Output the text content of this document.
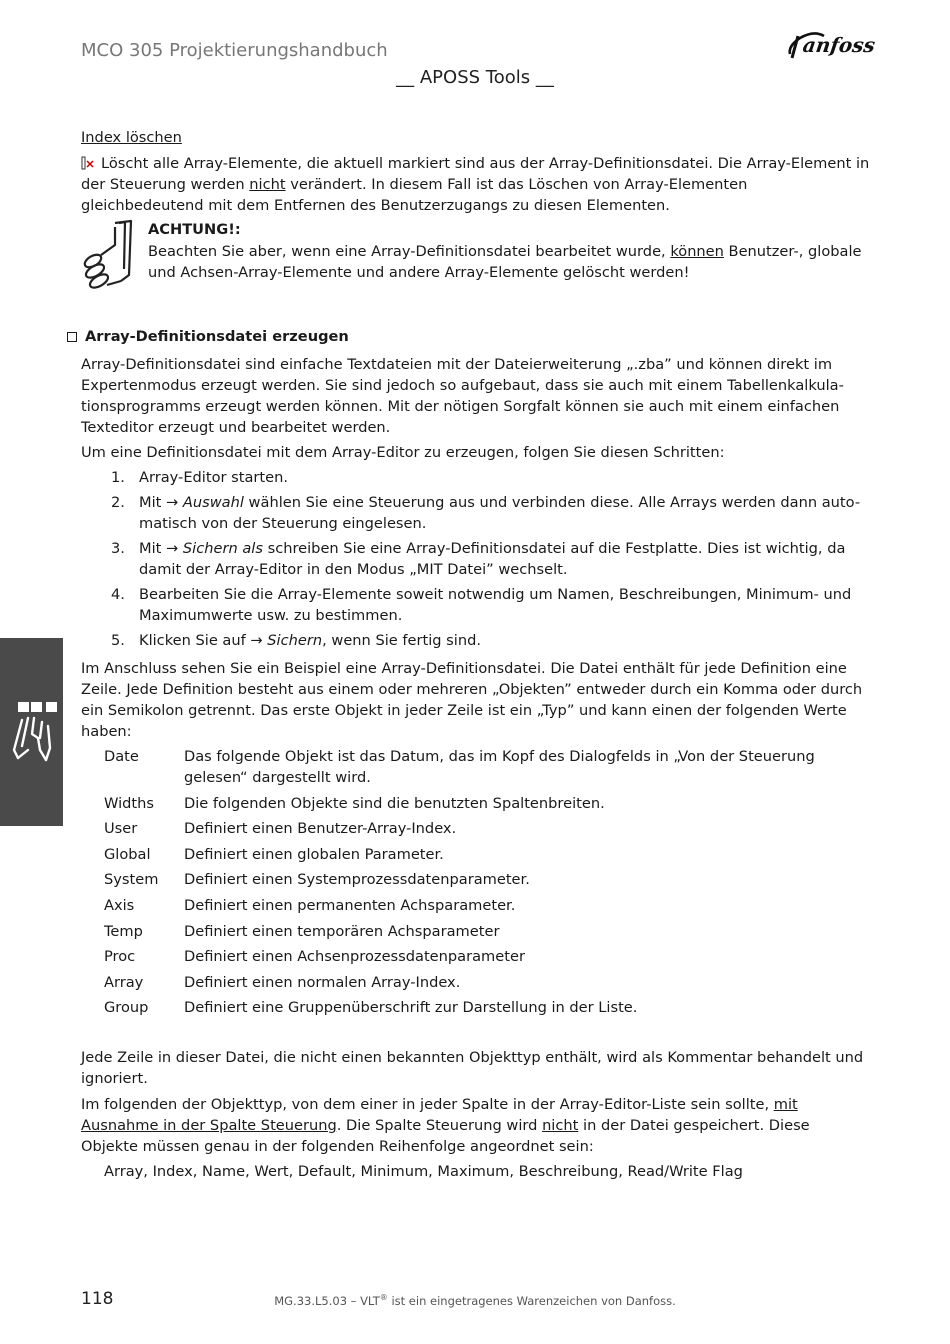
MCO 305 Projektierungshandbuch
__ APOSS Tools __
anfoss
Index löschen
Löscht alle Array-Elemente, die aktuell markiert sind aus der Array-Definitionsdatei. Die Array-Element in der Steuerung werden nicht verändert. In diesem Fall ist das Löschen von Array-Elementen gleichbedeutend mit dem Entfernen des Benutzerzugangs zu diesen Elementen.
ACHTUNG!:
Beachten Sie aber, wenn eine Array-Definitionsdatei bearbeitet wurde, können Benutzer-, globale und Achsen-Array-Elemente und andere Array-Elemente gelöscht werden!
Array-Definitionsdatei erzeugen
Array-Definitionsdatei sind einfache Textdateien mit der Dateierweiterung „.zba” und können direkt im Expertenmodus erzeugt werden. Sie sind jedoch so aufgebaut, dass sie auch mit einem Tabellenkalkula-tionsprogramms erzeugt werden können. Mit der nötigen Sorgfalt können sie auch mit einem einfachen Texteditor erzeugt und bearbeitet werden.
Um eine Definitionsdatei mit dem Array-Editor zu erzeugen, folgen Sie diesen Schritten:
1. Array-Editor starten.
2. Mit → Auswahl wählen Sie eine Steuerung aus und verbinden diese. Alle Arrays werden dann auto-matisch von der Steuerung eingelesen.
3. Mit → Sichern als schreiben Sie eine Array-Definitionsdatei auf die Festplatte. Dies ist wichtig, da damit der Array-Editor in den Modus „MIT Datei” wechselt.
4. Bearbeiten Sie die Array-Elemente soweit notwendig um Namen, Beschreibungen, Minimum- und Maximumwerte usw. zu bestimmen.
5. Klicken Sie auf → Sichern, wenn Sie fertig sind.
Im Anschluss sehen Sie ein Beispiel eine Array-Definitionsdatei. Die Datei enthält für jede Definition eine Zeile. Jede Definition besteht aus einem oder mehreren „Objekten” entweder durch ein Komma oder durch ein Semikolon getrennt. Das erste Objekt in jeder Zeile ist ein „Typ” und kann einen der folgenden Werte haben:
Date	Das folgende Objekt ist das Datum, das im Kopf des Dialogfelds in „Von der Steuerung gelesen“ dargestellt wird.
Widths	Die folgenden Objekte sind die benutzten Spaltenbreiten.
User	Definiert einen Benutzer-Array-Index.
Global	Definiert einen globalen Parameter.
System	Definiert einen Systemprozessdatenparameter.
Axis	Definiert einen permanenten Achsparameter.
Temp	Definiert einen temporären Achsparameter
Proc	Definiert einen Achsenprozessdatenparameter
Array	Definiert einen normalen Array-Index.
Group	Definiert eine Gruppenüberschrift zur Darstellung in der Liste.
Jede Zeile in dieser Datei, die nicht einen bekannten Objekttyp enthält, wird als Kommentar behandelt und ignoriert.
Im folgenden der Objekttyp, von dem einer in jeder Spalte in der Array-Editor-Liste sein sollte, mit Ausnahme in der Spalte Steuerung. Die Spalte Steuerung wird nicht in der Datei gespeichert. Diese Objekte müssen genau in der folgenden Reihenfolge angeordnet sein:
Array, Index, Name, Wert, Default, Minimum, Maximum, Beschreibung, Read/Write Flag
118	MG.33.L5.03 – VLT® ist ein eingetragenes Warenzeichen von Danfoss.
